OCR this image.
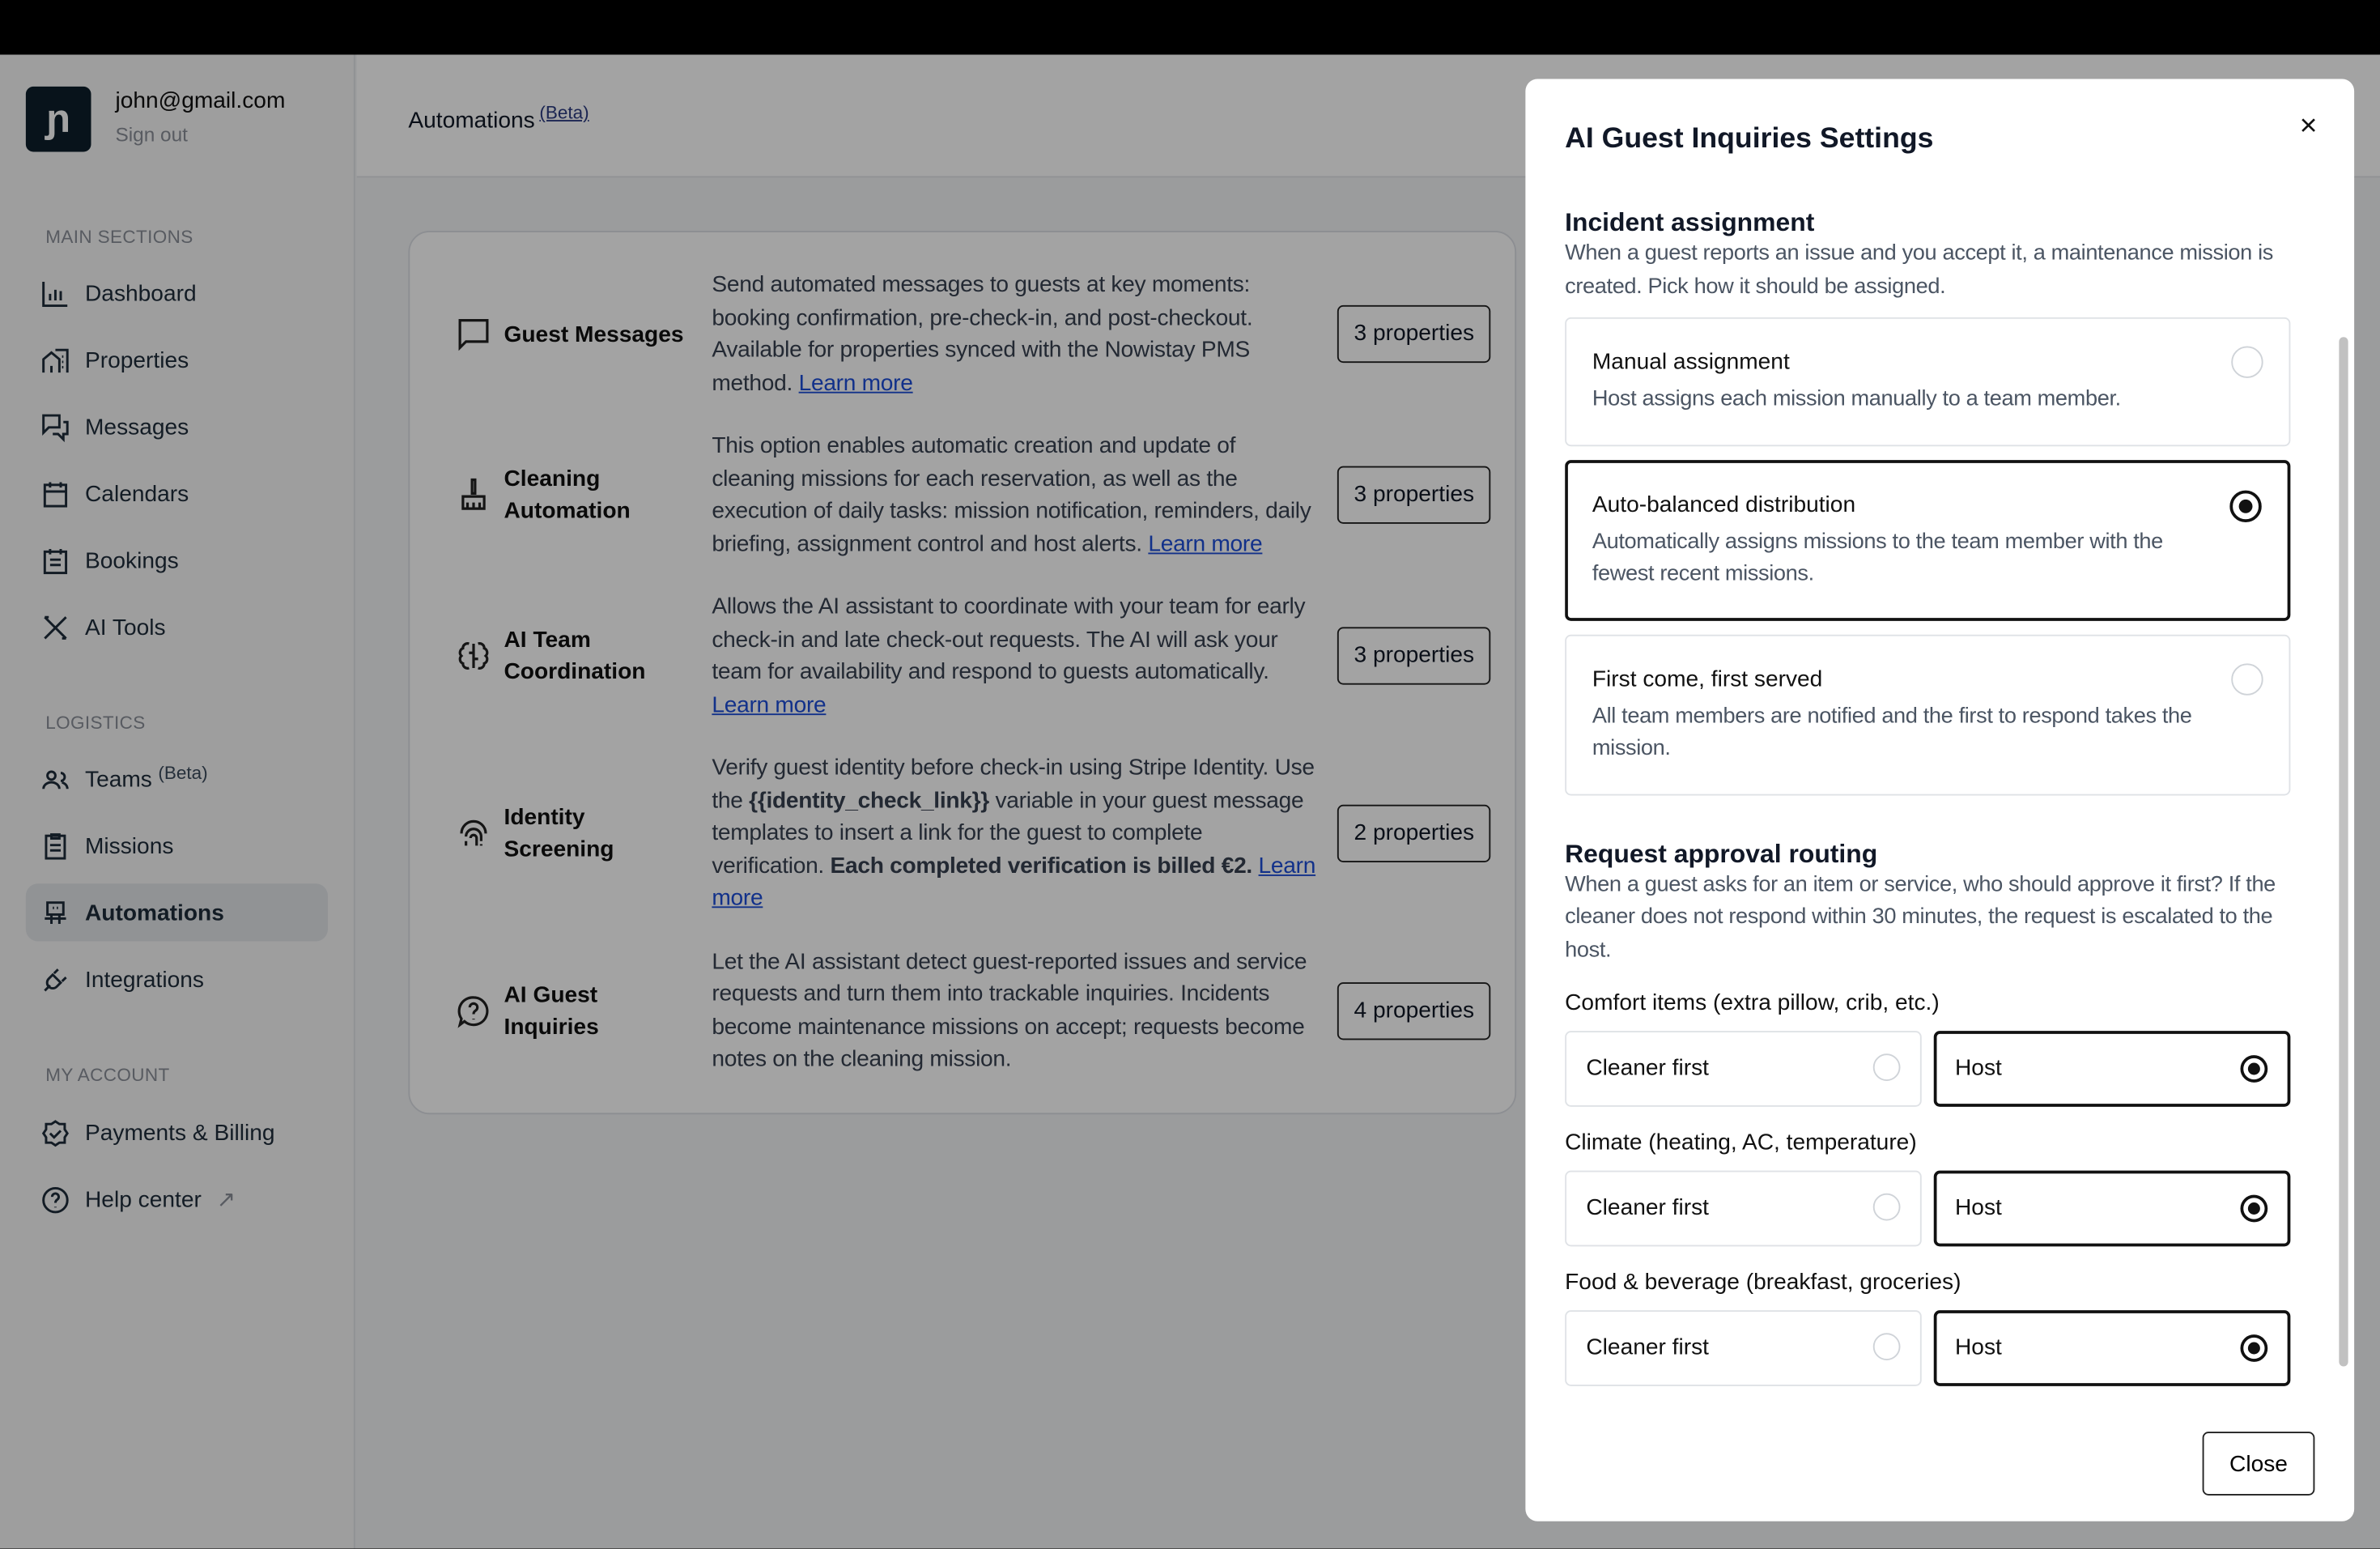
ɲ	john@gmail.com
Sign out
MAIN SECTIONS
Dashboard
Properties
Messages
Calendars
Bookings
AI Tools
LOGISTICS
Teams $^{(Beta)}$
Missions
Automations
Integrations
MY ACCOUNT
Payments & Billing
Help center ↗
Automations $^{(Beta)}$
Guest Messages
Send automated messages to guests at key moments: booking confirmation, pre-check-in, and post-checkout. Available for properties synced with the Nowistay PMS method. Learn more
3 properties
Cleaning Automation
This option enables automatic creation and update of cleaning missions for each reservation, as well as the execution of daily tasks: mission notification, reminders, daily briefing, assignment control and host alerts. Learn more
3 properties
AI Team Coordination
Allows the AI assistant to coordinate with your team for early check-in and late check-out requests. The AI will ask your team for availability and respond to guests automatically. Learn more
3 properties
Identity Screening
Verify guest identity before check-in using Stripe Identity. Use the {{identity_check_link}} variable in your guest message templates to insert a link for the guest to complete verification. Each completed verification is billed €2. Learn more
2 properties
AI Guest Inquiries
Let the AI assistant detect guest-reported issues and service requests and turn them into trackable inquiries. Incidents become maintenance missions on accept; requests become notes on the cleaning mission.
4 properties
AI Guest Inquiries Settings	×
Incident assignment
When a guest reports an issue and you accept it, a maintenance mission is created. Pick how it should be assigned.
Manual assignment
Host assigns each mission manually to a team member.
Auto-balanced distribution
Automatically assigns missions to the team member with the fewest recent missions.
First come, first served
All team members are notified and the first to respond takes the mission.
Request approval routing
When a guest asks for an item or service, who should approve it first? If the cleaner does not respond within 30 minutes, the request is escalated to the host.
Comfort items (extra pillow, crib, etc.)
Cleaner first	Host
Climate (heating, AC, temperature)
Cleaner first	Host
Food & beverage (breakfast, groceries)
Cleaner first	Host
Close
